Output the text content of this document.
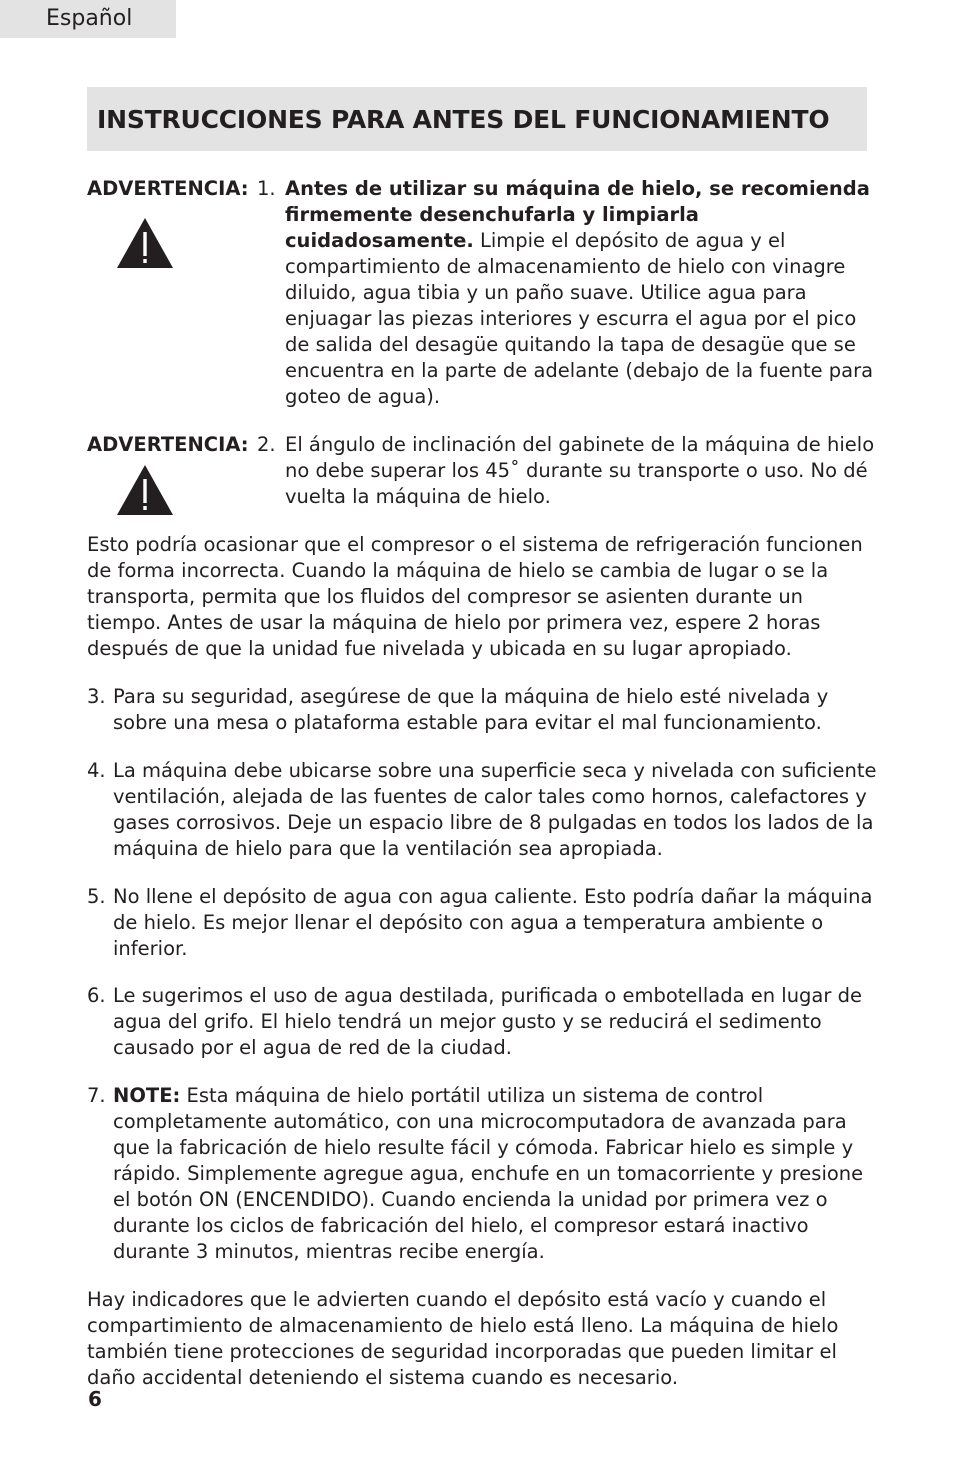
Español
INSTRUCCIONES PARA ANTES DEL FUNCIONAMIENTO
ADVERTENCIA: 1. Antes de utilizar su máquina de hielo, se recomienda firmemente desenchufarla y limpiarla cuidadosamente. Limpie el depósito de agua y el compartimiento de almacenamiento de hielo con vinagre diluido, agua tibia y un paño suave. Utilice agua para enjuagar las piezas interiores y escurra el agua por el pico de salida del desagüe quitando la tapa de desagüe que se encuentra en la parte de adelante (debajo de la fuente para goteo de agua).
ADVERTENCIA: 2. El ángulo de inclinación del gabinete de la máquina de hielo no debe superar los 45˚ durante su transporte o uso. No dé vuelta la máquina de hielo.
Esto podría ocasionar que el compresor o el sistema de refrigeración funcionen de forma incorrecta. Cuando la máquina de hielo se cambia de lugar o se la transporta, permita que los fluidos del compresor se asienten durante un tiempo. Antes de usar la máquina de hielo por primera vez, espere 2 horas después de que la unidad fue nivelada y ubicada en su lugar apropiado.
3. Para su seguridad, asegúrese de que la máquina de hielo esté nivelada y sobre una mesa o plataforma estable para evitar el mal funcionamiento.
4. La máquina debe ubicarse sobre una superficie seca y nivelada con suficiente ventilación, alejada de las fuentes de calor tales como hornos, calefactores y gases corrosivos. Deje un espacio libre de 8 pulgadas en todos los lados de la máquina de hielo para que la ventilación sea apropiada.
5. No llene el depósito de agua con agua caliente. Esto podría dañar la máquina de hielo. Es mejor llenar el depósito con agua a temperatura ambiente o inferior.
6. Le sugerimos el uso de agua destilada, purificada o embotellada en lugar de agua del grifo. El hielo tendrá un mejor gusto y se reducirá el sedimento causado por el agua de red de la ciudad.
7. NOTE: Esta máquina de hielo portátil utiliza un sistema de control completamente automático, con una microcomputadora de avanzada para que la fabricación de hielo resulte fácil y cómoda. Fabricar hielo es simple y rápido. Simplemente agregue agua, enchufe en un tomacorriente y presione el botón ON (ENCENDIDO). Cuando encienda la unidad por primera vez o durante los ciclos de fabricación del hielo, el compresor estará inactivo durante 3 minutos, mientras recibe energía.
Hay indicadores que le advierten cuando el depósito está vacío y cuando el compartimiento de almacenamiento de hielo está lleno. La máquina de hielo también tiene protecciones de seguridad incorporadas que pueden limitar el daño accidental deteniendo el sistema cuando es necesario.
6
